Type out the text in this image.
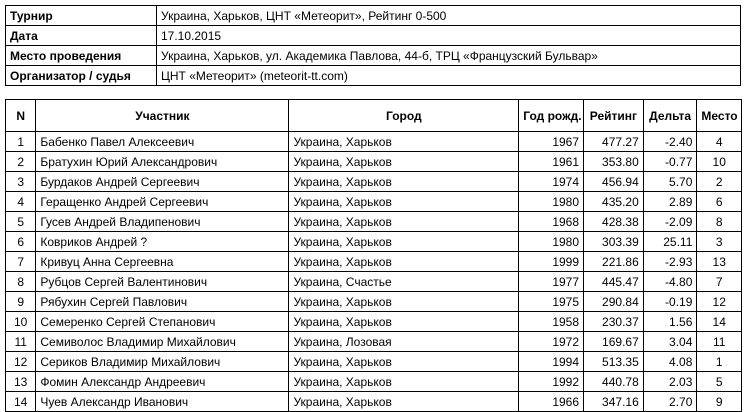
Турнир	Украина, Харьков, ЦНТ «Метеорит», Рейтинг 0-500
Дата	17.10.2015
Место проведения	Украина, Харьков, ул. Академика Павлова, 44-б, ТРЦ «Французский Бульвар»
Организатор / судья	ЦНТ «Метеорит» (meteorit-tt.com)
N	Участник	Город	Год рожд.	Рейтинг	Дельта	Место
1	Бабенко Павел Алексеевич	Украина, Харьков	1967	477.27	-2.40	4
2	Братухин Юрий Александрович	Украина, Харьков	1961	353.80	-0.77	10
3	Бурдаков Андрей Сергеевич	Украина, Харьков	1974	456.94	5.70	2
4	Геращенко Андрей Сергеевич	Украина, Харьков	1980	435.20	2.89	6
5	Гусев Андрей Владипенович	Украина, Харьков	1968	428.38	-2.09	8
6	Ковриков Андрей ?	Украина, Харьков	1980	303.39	25.11	3
7	Кривуц Анна Сергеевна	Украина, Харьков	1999	221.86	-2.93	13
8	Рубцов Сергей Валентинович	Украина, Счастье	1977	445.47	-4.80	7
9	Рябухин Сергей Павлович	Украина, Харьков	1975	290.84	-0.19	12
10	Семеренко Сергей Степанович	Украина, Харьков	1958	230.37	1.56	14
11	Семиволос Владимир Михайлович	Украина, Лозовая	1972	169.67	3.04	11
12	Сериков Владимир Михайлович	Украина, Харьков	1994	513.35	4.08	1
13	Фомин Александр Андреевич	Украина, Харьков	1992	440.78	2.03	5
14	Чуев Александр Иванович	Украина, Харьков	1966	347.16	2.70	9
